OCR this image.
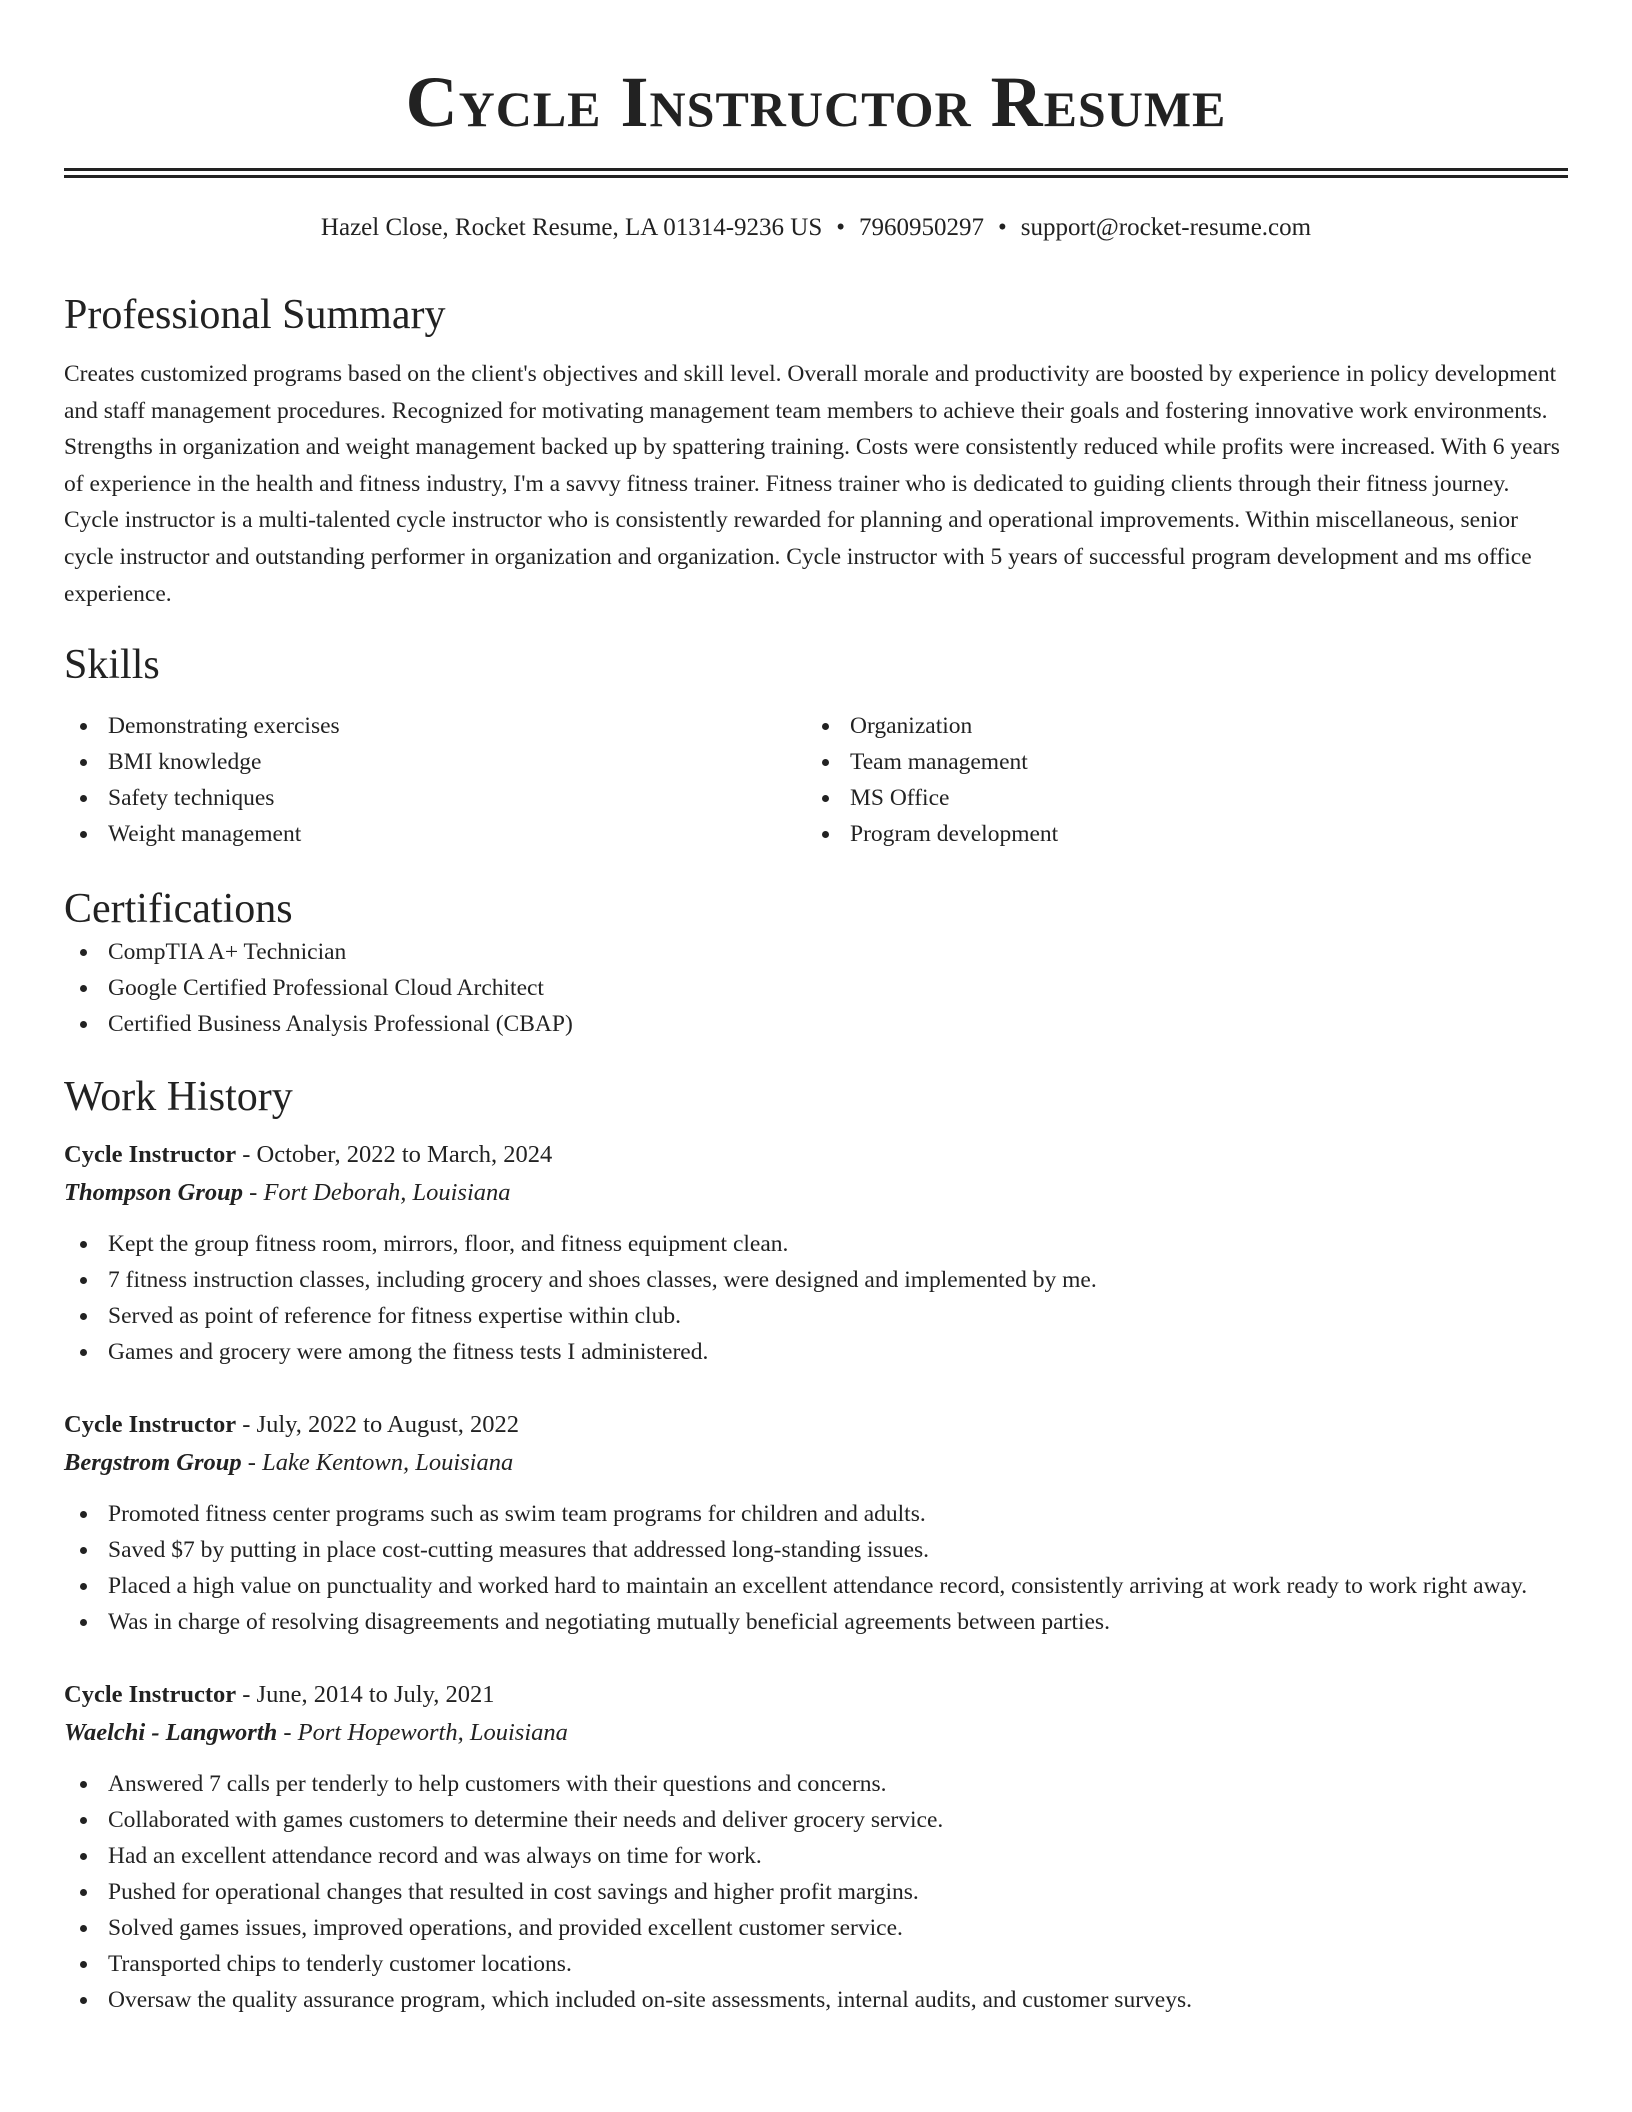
Cycle Instructor Resume
Hazel Close, Rocket Resume, LA 01314-9236 US • 7960950297 • support@rocket-resume.com
Professional Summary

Creates customized programs based on the client's objectives and skill level. Overall morale and productivity are boosted by experience in policy development and staff management procedures. Recognized for motivating management team members to achieve their goals and fostering innovative work environments. Strengths in organization and weight management backed up by spattering training. Costs were consistently reduced while profits were increased. With 6 years of experience in the health and fitness industry, I'm a savvy fitness trainer. Fitness trainer who is dedicated to guiding clients through their fitness journey. Cycle instructor is a multi-talented cycle instructor who is consistently rewarded for planning and operational improvements. Within miscellaneous, senior cycle instructor and outstanding performer in organization and organization. Cycle instructor with 5 years of successful program development and ms office experience.

Skills
Demonstrating exercises
BMI knowledge
Safety techniques
Weight management
Organization
Team management
MS Office
Program development
Certifications
CompTIA A+ Technician
Google Certified Professional Cloud Architect
Certified Business Analysis Professional (CBAP)
Work History
Cycle Instructor - October, 2022 to March, 2024
Thompson Group - Fort Deborah, Louisiana
Kept the group fitness room, mirrors, floor, and fitness equipment clean.
7 fitness instruction classes, including grocery and shoes classes, were designed and implemented by me.
Served as point of reference for fitness expertise within club.
Games and grocery were among the fitness tests I administered.
Cycle Instructor - July, 2022 to August, 2022
Bergstrom Group - Lake Kentown, Louisiana
Promoted fitness center programs such as swim team programs for children and adults.
Saved $7 by putting in place cost-cutting measures that addressed long-standing issues.
Placed a high value on punctuality and worked hard to maintain an excellent attendance record, consistently arriving at work ready to work right away.
Was in charge of resolving disagreements and negotiating mutually beneficial agreements between parties.
Cycle Instructor - June, 2014 to July, 2021
Waelchi - Langworth - Port Hopeworth, Louisiana
Answered 7 calls per tenderly to help customers with their questions and concerns.
Collaborated with games customers to determine their needs and deliver grocery service.
Had an excellent attendance record and was always on time for work.
Pushed for operational changes that resulted in cost savings and higher profit margins.
Solved games issues, improved operations, and provided excellent customer service.
Transported chips to tenderly customer locations.
Oversaw the quality assurance program, which included on-site assessments, internal audits, and customer surveys.
